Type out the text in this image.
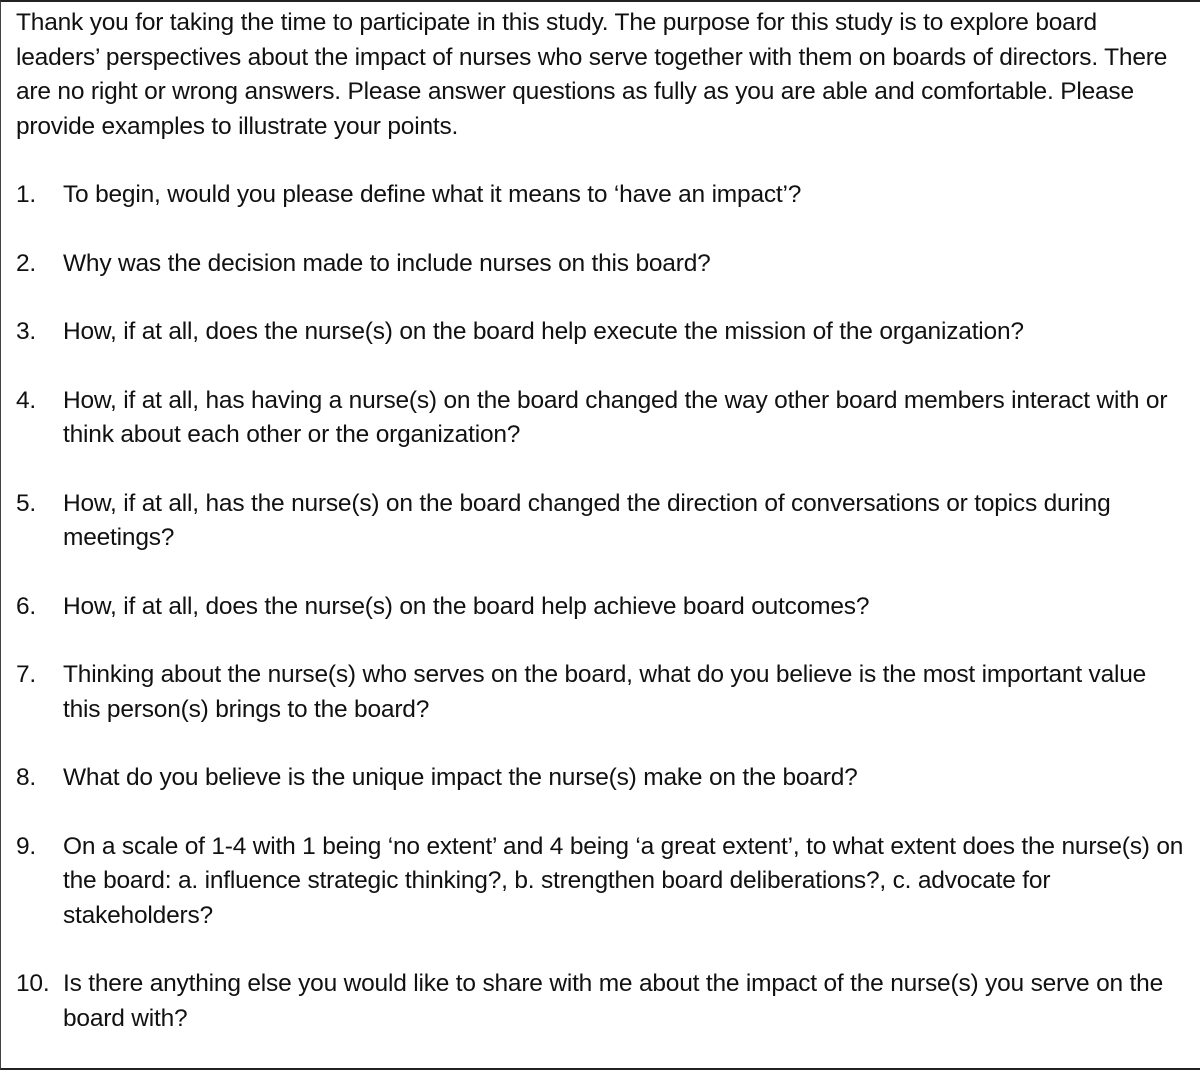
Thank you for taking the time to participate in this study. The purpose for this study is to explore board leaders’ perspectives about the impact of nurses who serve together with them on boards of directors. There are no right or wrong answers. Please answer questions as fully as you are able and comfortable. Please provide examples to illustrate your points.

1.	To begin, would you please define what it means to ‘have an impact’?
2.	Why was the decision made to include nurses on this board?
3.	How, if at all, does the nurse(s) on the board help execute the mission of the organization?
4.	How, if at all, has having a nurse(s) on the board changed the way other board members interact with or think about each other or the organization?
5.	How, if at all, has the nurse(s) on the board changed the direction of conversations or topics during meetings?
6.	How, if at all, does the nurse(s) on the board help achieve board outcomes?
7.	Thinking about the nurse(s) who serves on the board, what do you believe is the most important value this person(s) brings to the board?
8.	What do you believe is the unique impact the nurse(s) make on the board?
9.	On a scale of 1-4 with 1 being ‘no extent’ and 4 being ‘a great extent’, to what extent does the nurse(s) on the board: a. influence strategic thinking?, b. strengthen board deliberations?, c. advocate for stakeholders?
10. Is there anything else you would like to share with me about the impact of the nurse(s) you serve on the board with?
